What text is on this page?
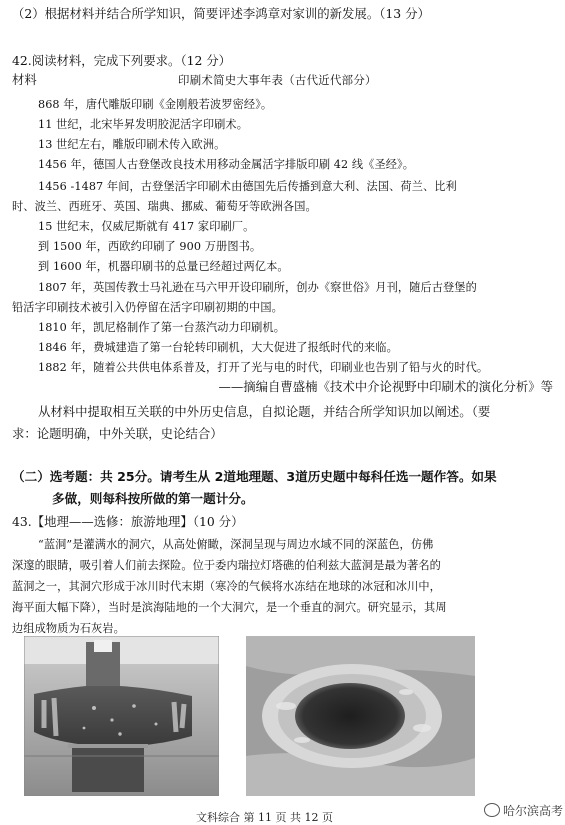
（2）根据材料并结合所学知识，简要评述李鸿章对家训的新发展。（13 分）
42.阅读材料，完成下列要求。（12 分）
材料	印刷术简史大事年表（古代近代部分）
868 年，唐代雕版印刷《金刚般若波罗密经》。
11 世纪，北宋毕昇发明胶泥活字印刷术。
13 世纪左右，雕版印刷术传入欧洲。
1456 年，德国人古登堡改良技术用移动金属活字排版印刷 42 线《圣经》。
1456 -1487 年间，古登堡活字印刷术由德国先后传播到意大利、法国、荷兰、比利
时、波兰、西班牙、英国、瑞典、挪威、葡萄牙等欧洲各国。
15 世纪末，仅威尼斯就有 417 家印刷厂。
到 1500 年，西欧约印刷了 900 万册图书。
到 1600 年，机器印刷书的总量已经超过两亿本。
1807 年，英国传教士马礼逊在马六甲开设印刷所，创办《察世俗》月刊，随后古登堡的
铅活字印刷技术被引入仍停留在活字印刷初期的中国。
1810 年，凯尼格制作了第一台蒸汽动力印刷机。
1846 年，费城建造了第一台轮转印刷机，大大促进了报纸时代的来临。
1882 年，随着公共供电体系普及，打开了光与电的时代，印刷业也告别了铅与火的时代。
——摘编自曹盛楠《技术中介论视野中印刷术的演化分析》等
从材料中提取相互关联的中外历史信息，自拟论题，并结合所学知识加以阐述。（要
求：论题明确，中外关联，史论结合）
（二）选考题：共 25分。请考生从 2道地理题、3道历史题中每科任选一题作答。如果
多做，则每科按所做的第一题计分。
43.【地理——选修：旅游地理】（10 分）
“蓝洞”是灌满水的洞穴，从高处俯瞰，深洞呈现与周边水域不同的深蓝色，仿佛
深邃的眼睛，吸引着人们前去探险。位于委内瑞拉灯塔礁的伯利兹大蓝洞是最为著名的
蓝洞之一，其洞穴形成于冰川时代末期（寒冷的气候将水冻结在地球的冰冠和冰川中，
海平面大幅下降），当时是滨海陆地的一个大洞穴，是一个垂直的洞穴。研究显示，其周
边组成物质为石灰岩。
文科综合 第 11 页 共 12 页	哈尔滨高考
